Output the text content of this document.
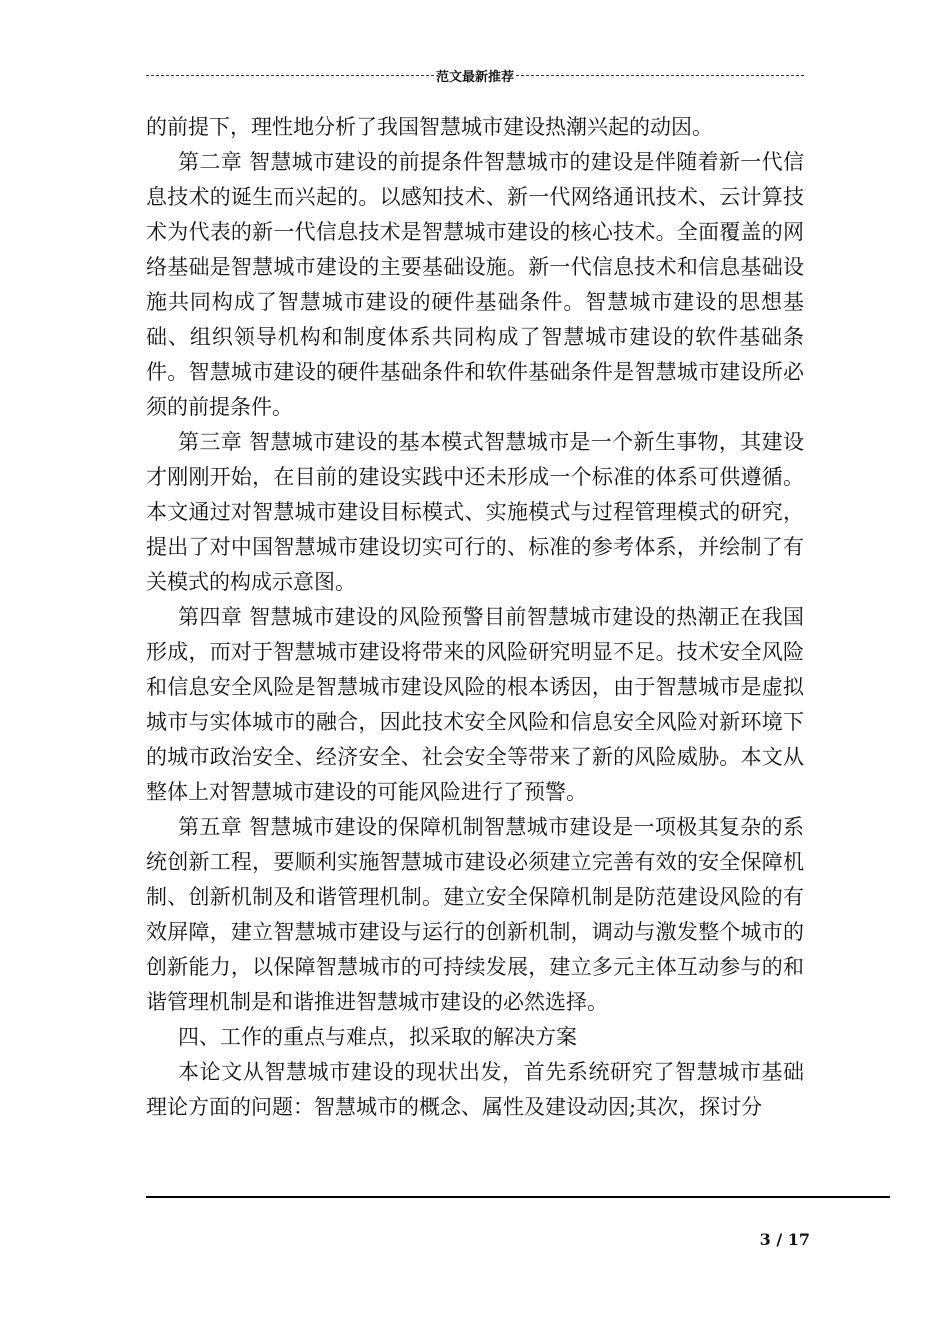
范文最新推荐

的前提下，理性地分析了我国智慧城市建设热潮兴起的动因。

第二章 智慧城市建设的前提条件智慧城市的建设是伴随着新一代信息技术的诞生而兴起的。以感知技术、新一代网络通讯技术、云计算技术为代表的新一代信息技术是智慧城市建设的核心技术。全面覆盖的网络基础是智慧城市建设的主要基础设施。新一代信息技术和信息基础设施共同构成了智慧城市建设的硬件基础条件。智慧城市建设的思想基础、组织领导机构和制度体系共同构成了智慧城市建设的软件基础条件。智慧城市建设的硬件基础条件和软件基础条件是智慧城市建设所必须的前提条件。

第三章 智慧城市建设的基本模式智慧城市是一个新生事物，其建设才刚刚开始，在目前的建设实践中还未形成一个标准的体系可供遵循。本文通过对智慧城市建设目标模式、实施模式与过程管理模式的研究，提出了对中国智慧城市建设切实可行的、标准的参考体系，并绘制了有关模式的构成示意图。

第四章 智慧城市建设的风险预警目前智慧城市建设的热潮正在我国形成，而对于智慧城市建设将带来的风险研究明显不足。技术安全风险和信息安全风险是智慧城市建设风险的根本诱因，由于智慧城市是虚拟城市与实体城市的融合，因此技术安全风险和信息安全风险对新环境下的城市政治安全、经济安全、社会安全等带来了新的风险威胁。本文从整体上对智慧城市建设的可能风险进行了预警。

第五章 智慧城市建设的保障机制智慧城市建设是一项极其复杂的系统创新工程，要顺利实施智慧城市建设必须建立完善有效的安全保障机制、创新机制及和谐管理机制。建立安全保障机制是防范建设风险的有效屏障，建立智慧城市建设与运行的创新机制，调动与激发整个城市的创新能力，以保障智慧城市的可持续发展，建立多元主体互动参与的和谐管理机制是和谐推进智慧城市建设的必然选择。

四、工作的重点与难点，拟采取的解决方案

本论文从智慧城市建设的现状出发，首先系统研究了智慧城市基础理论方面的问题：智慧城市的概念、属性及建设动因;其次，探讨分

3 / 17
